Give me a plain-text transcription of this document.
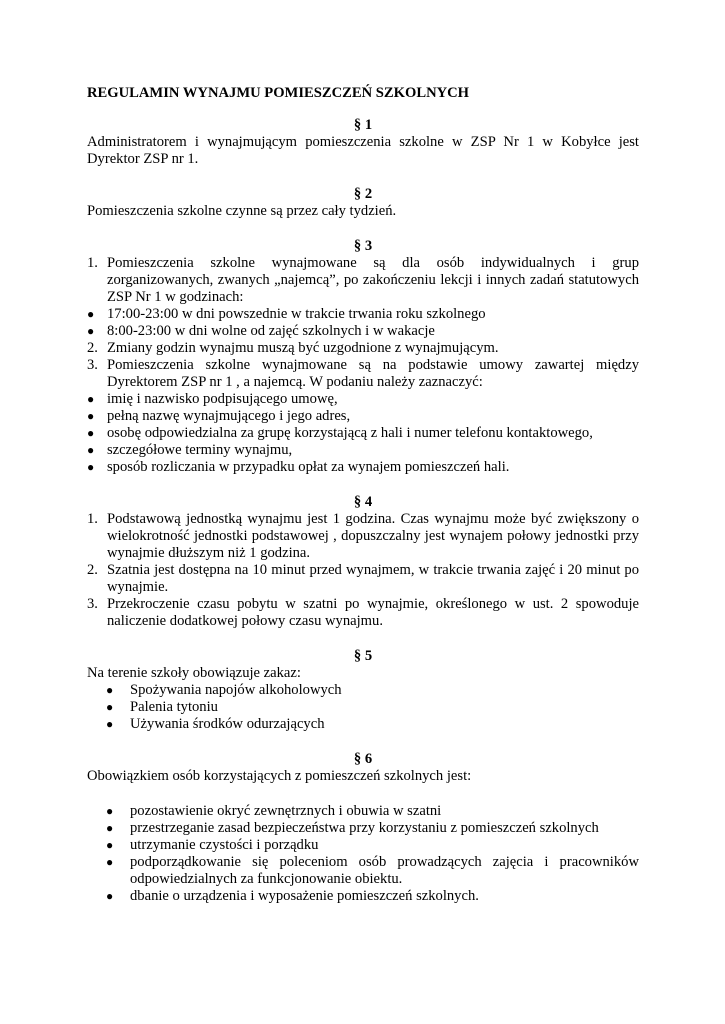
REGULAMIN WYNAJMU POMIESZCZEŃ SZKOLNYCH

§ 1

Administratorem i wynajmującym pomieszczenia szkolne w ZSP Nr 1 w Kobyłce jest Dyrektor ZSP nr 1.

§ 2

Pomieszczenia szkolne czynne są przez cały tydzień.

§ 3

1. Pomieszczenia szkolne wynajmowane są dla osób indywidualnych i grup zorganizowanych, zwanych „najemcą”, po zakończeniu lekcji i innych zadań statutowych ZSP Nr 1 w godzinach:
● 17:00-23:00 w dni powszednie w trakcie trwania roku szkolnego
● 8:00-23:00 w dni wolne od zajęć szkolnych i w wakacje
2. Zmiany godzin wynajmu muszą być uzgodnione z wynajmującym.
3. Pomieszczenia szkolne wynajmowane są na podstawie umowy zawartej między Dyrektorem ZSP nr 1 , a najemcą. W podaniu należy zaznaczyć:
● imię i nazwisko podpisującego umowę,
● pełną nazwę wynajmującego i jego adres,
● osobę odpowiedzialna za grupę korzystającą z hali i numer telefonu kontaktowego,
● szczegółowe terminy wynajmu,
● sposób rozliczania w przypadku opłat za wynajem pomieszczeń hali.

§ 4

1. Podstawową jednostką wynajmu jest 1 godzina. Czas wynajmu może być zwiększony o wielokrotność jednostki podstawowej , dopuszczalny jest wynajem połowy jednostki przy wynajmie dłuższym niż 1 godzina.
2. Szatnia jest dostępna na 10 minut przed wynajmem, w trakcie trwania zajęć i 20 minut po wynajmie.
3. Przekroczenie czasu pobytu w szatni po wynajmie, określonego w ust. 2 spowoduje naliczenie dodatkowej połowy czasu wynajmu.

§ 5

Na terenie szkoły obowiązuje zakaz:

●	Spożywania napojów alkoholowych
●	Palenia tytoniu
●	Używania środków odurzających

§ 6

Obowiązkiem osób korzystających z pomieszczeń szkolnych jest:

●	pozostawienie okryć zewnętrznych i obuwia w szatni
●	przestrzeganie zasad bezpieczeństwa przy korzystaniu z pomieszczeń szkolnych
●	utrzymanie czystości i porządku
●	podporządkowanie się poleceniom osób prowadzących zajęcia i pracowników odpowiedzialnych za funkcjonowanie obiektu.
●	dbanie o urządzenia i wyposażenie pomieszczeń szkolnych.
